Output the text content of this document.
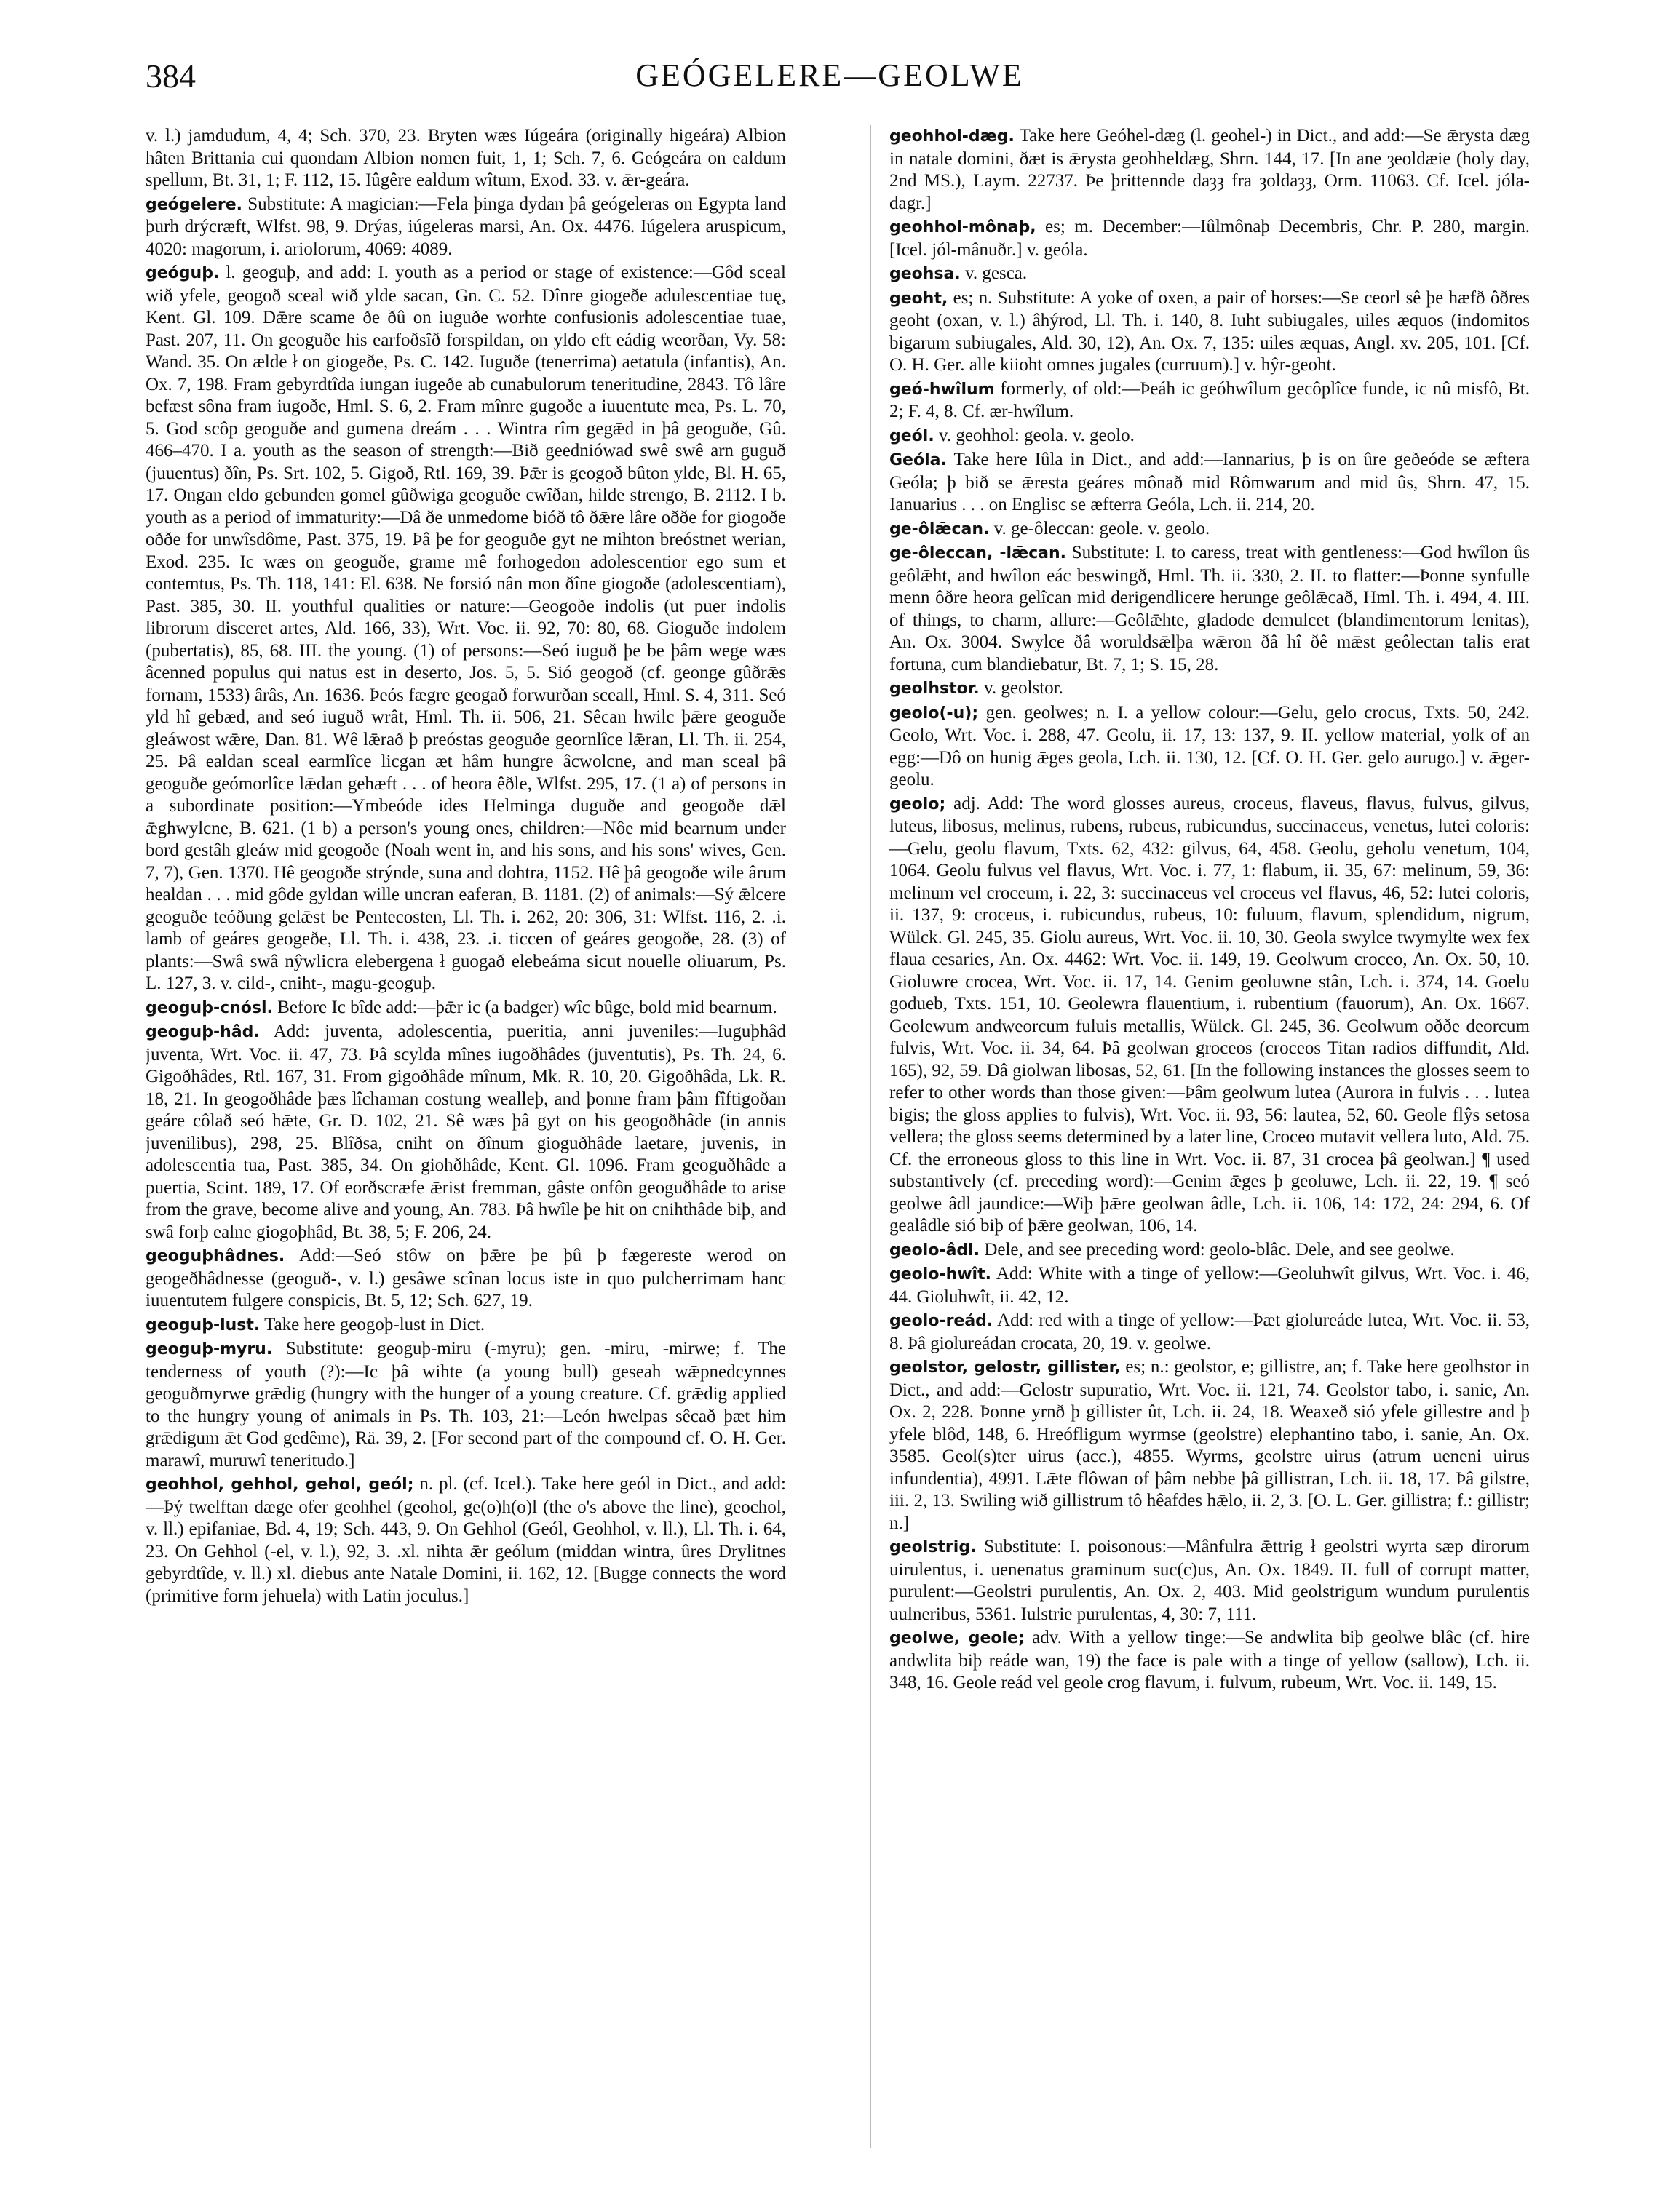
384	GEÓGELERE—GEOLWE

v. l.) jamdudum, 4, 4; Sch. 370, 23. Bryten wæs Iúgeára (originally higeára) Albion hâten Brittania cui quondam Albion nomen fuit, 1, 1; Sch. 7, 6. Geógeára on ealdum spellum, Bt. 31, 1; F. 112, 15. Iûgêre ealdum wîtum, Exod. 33. v. ǣr-geára.

geógelere. Substitute: A magician:—Fela þinga dydan þâ geógeleras on Egypta land þurh drýcræft, Wlfst. 98, 9. Drýas, iúgeleras marsi, An. Ox. 4476. Iúgelera aruspicum, 4020: magorum, i. ariolorum, 4069: 4089.

geóguþ. l. geoguþ, and add: I. youth as a period or stage of existence:—Gôd sceal wið yfele, geogoð sceal wið ylde sacan, Gn. C. 52. Ðînre giogeðe adulescentiae tuę, Kent. Gl. 109. Ðǣre scame ðe ðû on iuguðe worhte confusionis adolescentiae tuae, Past. 207, 11. On geoguðe his earfoðsîð forspildan, on yldo eft eádig weorðan, Vy. 58: Wand. 35. On ælde ł on giogeðe, Ps. C. 142. Iuguðe (tenerrima) aetatula (infantis), An. Ox. 7, 198. Fram gebyrdtîda iungan iugeðe ab cunabulorum teneritudine, 2843. Tô lâre befæst sôna fram iugoðe, Hml. S. 6, 2. Fram mînre gugoðe a iuuentute mea, Ps. L. 70, 5. God scôp geoguðe and gumena dreám . . . Wintra rîm gegǣd in þâ geoguðe, Gû. 466–470. I a. youth as the season of strength:—Bið geedniówad swê swê arn guguð (juuentus) ðîn, Ps. Srt. 102, 5. Gigoð, Rtl. 169, 39. Þǣr is geogoð bûton ylde, Bl. H. 65, 17. Ongan eldo gebunden gomel gûðwiga geoguðe cwîðan, hilde strengo, B. 2112. I b. youth as a period of immaturity:—Ðâ ðe unmedome bióð tô ðǣre lâre oððe for giogoðe oððe for unwîsdôme, Past. 375, 19. Þâ þe for geoguðe gyt ne mihton breóstnet werian, Exod. 235. Ic wæs on geoguðe, grame mê forhogedon adolescentior ego sum et contemtus, Ps. Th. 118, 141: El. 638. Ne forsió nân mon ðîne giogoðe (adolescentiam), Past. 385, 30. II. youthful qualities or nature:—Geogoðe indolis (ut puer indolis librorum disceret artes, Ald. 166, 33), Wrt. Voc. ii. 92, 70: 80, 68. Gioguðe indolem (pubertatis), 85, 68. III. the young. (1) of persons:—Seó iuguð þe be þâm wege wæs âcenned populus qui natus est in deserto, Jos. 5, 5. Sió geogoð (cf. geonge gûðrǣs fornam, 1533) ârâs, An. 1636. Þeós fægre geogað forwurðan sceall, Hml. S. 4, 311. Seó yld hî gebæd, and seó iuguð wrât, Hml. Th. ii. 506, 21. Sêcan hwilc þǣre geoguðe gleáwost wǣre, Dan. 81. Wê lǣrað þ preóstas geoguðe geornlîce lǣran, Ll. Th. ii. 254, 25. Þâ ealdan sceal earmlîce licgan æt hâm hungre âcwolcne, and man sceal þâ geoguðe geómorlîce lǣdan gehæft . . . of heora êðle, Wlfst. 295, 17. (1 a) of persons in a subordinate position:—Ymbeóde ides Helminga duguðe and geogoðe dǣl ǣghwylcne, B. 621. (1 b) a person's young ones, children:—Nôe mid bearnum under bord gestâh gleáw mid geogoðe (Noah went in, and his sons, and his sons' wives, Gen. 7, 7), Gen. 1370. Hê geogoðe strýnde, suna and dohtra, 1152. Hê þâ geogoðe wile ârum healdan . . . mid gôde gyldan wille uncran eaferan, B. 1181. (2) of animals:—Sý ǣlcere geoguðe teóðung gelǣst be Pentecosten, Ll. Th. i. 262, 20: 306, 31: Wlfst. 116, 2. .i. lamb of geáres geogeðe, Ll. Th. i. 438, 23. .i. ticcen of geáres geogoðe, 28. (3) of plants:—Swâ swâ nŷwlicra elebergena ł guogað elebeáma sicut nouelle oliuarum, Ps. L. 127, 3. v. cild-, cniht-, magu-geoguþ.

geoguþ-cnósl. Before Ic bîde add:—þǣr ic (a badger) wîc bûge, bold mid bearnum.

geoguþ-hâd. Add: juventa, adolescentia, pueritia, anni juveniles:—Iuguþhâd juventa, Wrt. Voc. ii. 47, 73. Þâ scylda mînes iugoðhâdes (juventutis), Ps. Th. 24, 6. Gigoðhâdes, Rtl. 167, 31. From gigoðhâde mînum, Mk. R. 10, 20. Gigoðhâda, Lk. R. 18, 21. In geogoðhâde þæs lîchaman costung wealleþ, and þonne fram þâm fîftigoðan geáre côlað seó hǣte, Gr. D. 102, 21. Sê wæs þâ gyt on his geogoðhâde (in annis juvenilibus), 298, 25. Blîðsa, cniht on ðînum gioguðhâde laetare, juvenis, in adolescentia tua, Past. 385, 34. On giohðhâde, Kent. Gl. 1096. Fram geoguðhâde a puertia, Scint. 189, 17. Of eorðscræfe ǣrist fremman, gâste onfôn geoguðhâde to arise from the grave, become alive and young, An. 783. Þâ hwîle þe hit on cnihthâde biþ, and swâ forþ ealne giogoþhâd, Bt. 38, 5; F. 206, 24.

geoguþhâdnes. Add:—Seó stôw on þǣre þe þû þ fægereste werod on geogeðhâdnesse (geoguð-, v. l.) gesâwe scînan locus iste in quo pulcherrimam hanc iuuentutem fulgere conspicis, Bt. 5, 12; Sch. 627, 19.

geoguþ-lust. Take here geogoþ-lust in Dict.

geoguþ-myru. Substitute: geoguþ-miru (-myru); gen. -miru, -mirwe; f. The tenderness of youth (?):—Ic þâ wihte (a young bull) geseah wǣpnedcynnes geoguðmyrwe grǣdig (hungry with the hunger of a young creature. Cf. grǣdig applied to the hungry young of animals in Ps. Th. 103, 21:—León hwelpas sêcað þæt him grǣdigum ǣt God gedême), Rä. 39, 2. [For second part of the compound cf. O. H. Ger. marawî, muruwî teneritudo.]

geohhol, gehhol, gehol, geól; n. pl. (cf. Icel.). Take here geól in Dict., and add:—Þý twelftan dæge ofer geohhel (geohol, ge(o)h(o)l (the o's above the line), geochol, v. ll.) epifaniae, Bd. 4, 19; Sch. 443, 9. On Gehhol (Geól, Geohhol, v. ll.), Ll. Th. i. 64, 23. On Gehhol (-el, v. l.), 92, 3. .xl. nihta ǣr geólum (middan wintra, ûres Drylitnes gebyrdtîde, v. ll.) xl. diebus ante Natale Domini, ii. 162, 12. [Bugge connects the word (primitive form jehuela) with Latin joculus.]

geohhol-dæg. Take here Geóhel-dæg (l. geohel-) in Dict., and add:—Se ǣrysta dæg in natale domini, ðæt is ǣrysta geohheldæg, Shrn. 144, 17. [In ane ȝeoldæie (holy day, 2nd MS.), Laym. 22737. Þe þrittennde daȝȝ fra ȝoldaȝȝ, Orm. 11063. Cf. Icel. jóla-dagr.]

geohhol-mônaþ, es; m. December:—Iûlmônaþ Decembris, Chr. P. 280, margin. [Icel. jól-mânuðr.] v. geóla.

geohsa. v. gesca.

geoht, es; n. Substitute: A yoke of oxen, a pair of horses:—Se ceorl sê þe hæfð ôðres geoht (oxan, v. l.) âhýrod, Ll. Th. i. 140, 8. Iuht subiugales, uiles æquos (indomitos bigarum subiugales, Ald. 30, 12), An. Ox. 7, 135: uiles æquas, Angl. xv. 205, 101. [Cf. O. H. Ger. alle kiioht omnes jugales (curruum).] v. hŷr-geoht.

geó-hwîlum formerly, of old:—Þeáh ic geóhwîlum gecôplîce funde, ic nû misfô, Bt. 2; F. 4, 8. Cf. ær-hwîlum.

geól. v. geohhol: geola. v. geolo.

Geóla. Take here Iûla in Dict., and add:—Iannarius, þ is on ûre geðeóde se æftera Geóla; þ bið se ǣresta geáres mônað mid Rômwarum and mid ûs, Shrn. 47, 15. Ianuarius . . . on Englisc se æfterra Geóla, Lch. ii. 214, 20.

ge-ôlǣcan. v. ge-ôleccan: geole. v. geolo.

ge-ôleccan, -lǣcan. Substitute: I. to caress, treat with gentleness:—God hwîlon ûs geôlǣht, and hwîlon eác beswingð, Hml. Th. ii. 330, 2. II. to flatter:—Þonne synfulle menn ôðre heora gelîcan mid derigendlicere herunge geôlǣcað, Hml. Th. i. 494, 4. III. of things, to charm, allure:—Geôlǣhte, gladode demulcet (blandimentorum lenitas), An. Ox. 3004. Swylce ðâ woruldsǣlþa wǣron ðâ hî ðê mǣst geôlectan talis erat fortuna, cum blandiebatur, Bt. 7, 1; S. 15, 28.

geolhstor. v. geolstor.

geolo(-u); gen. geolwes; n. I. a yellow colour:—Gelu, gelo crocus, Txts. 50, 242. Geolo, Wrt. Voc. i. 288, 47. Geolu, ii. 17, 13: 137, 9. II. yellow material, yolk of an egg:—Dô on hunig ǣges geola, Lch. ii. 130, 12. [Cf. O. H. Ger. gelo aurugo.] v. ǣger-geolu.

geolo; adj. Add: The word glosses aureus, croceus, flaveus, flavus, fulvus, gilvus, luteus, libosus, melinus, rubens, rubeus, rubicundus, succinaceus, venetus, lutei coloris:—Gelu, geolu flavum, Txts. 62, 432: gilvus, 64, 458. Geolu, geholu venetum, 104, 1064. Geolu fulvus vel flavus, Wrt. Voc. i. 77, 1: flabum, ii. 35, 67: melinum, 59, 36: melinum vel croceum, i. 22, 3: succinaceus vel croceus vel flavus, 46, 52: lutei coloris, ii. 137, 9: croceus, i. rubicundus, rubeus, 10: fuluum, flavum, splendidum, nigrum, Wülck. Gl. 245, 35. Giolu aureus, Wrt. Voc. ii. 10, 30. Geola swylce twymylte wex fex flaua cesaries, An. Ox. 4462: Wrt. Voc. ii. 149, 19. Geolwum croceo, An. Ox. 50, 10. Gioluwre crocea, Wrt. Voc. ii. 17, 14. Genim geoluwne stân, Lch. i. 374, 14. Goelu godueb, Txts. 151, 10. Geolewra flauentium, i. rubentium (fauorum), An. Ox. 1667. Geolewum andweorcum fuluis metallis, Wülck. Gl. 245, 36. Geolwum oððe deorcum fulvis, Wrt. Voc. ii. 34, 64. Þâ geolwan groceos (croceos Titan radios diffundit, Ald. 165), 92, 59. Ðâ giolwan libosas, 52, 61. [In the following instances the glosses seem to refer to other words than those given:—Þâm geolwum lutea (Aurora in fulvis . . . lutea bigis; the gloss applies to fulvis), Wrt. Voc. ii. 93, 56: lautea, 52, 60. Geole flŷs setosa vellera; the gloss seems determined by a later line, Croceo mutavit vellera luto, Ald. 75. Cf. the erroneous gloss to this line in Wrt. Voc. ii. 87, 31 crocea þâ geolwan.] ¶ used substantively (cf. preceding word):—Genim ǣges þ geoluwe, Lch. ii. 22, 19. ¶ seó geolwe âdl jaundice:—Wiþ þǣre geolwan âdle, Lch. ii. 106, 14: 172, 24: 294, 6. Of gealâdle sió biþ of þǣre geolwan, 106, 14.

geolo-âdl. Dele, and see preceding word: geolo-blâc. Dele, and see geolwe.

geolo-hwît. Add: White with a tinge of yellow:—Geoluhwît gilvus, Wrt. Voc. i. 46, 44. Gioluhwît, ii. 42, 12.

geolo-reád. Add: red with a tinge of yellow:—Þæt giolureáde lutea, Wrt. Voc. ii. 53, 8. Þâ giolureádan crocata, 20, 19. v. geolwe.

geolstor, gelostr, gillister, es; n.: geolstor, e; gillistre, an; f. Take here geolhstor in Dict., and add:—Gelostr supuratio, Wrt. Voc. ii. 121, 74. Geolstor tabo, i. sanie, An. Ox. 2, 228. Þonne yrnð þ gillister ût, Lch. ii. 24, 18. Weaxeð sió yfele gillestre and þ yfele blôd, 148, 6. Hreófligum wyrmse (geolstre) elephantino tabo, i. sanie, An. Ox. 3585. Geol(s)ter uirus (acc.), 4855. Wyrms, geolstre uirus (atrum ueneni uirus infundentia), 4991. Lǣte flôwan of þâm nebbe þâ gillistran, Lch. ii. 18, 17. Þâ gilstre, iii. 2, 13. Swiling wið gillistrum tô hêafdes hǣlo, ii. 2, 3. [O. L. Ger. gillistra; f.: gillistr; n.]

geolstrig. Substitute: I. poisonous:—Mânfulra ǣttrig ł geolstri wyrta sæp dirorum uirulentus, i. uenenatus graminum suc(c)us, An. Ox. 1849. II. full of corrupt matter, purulent:—Geolstri purulentis, An. Ox. 2, 403. Mid geolstrigum wundum purulentis uulneribus, 5361. Iulstrie purulentas, 4, 30: 7, 111.

geolwe, geole; adv. With a yellow tinge:—Se andwlita biþ geolwe blâc (cf. hire andwlita biþ reáde wan, 19) the face is pale with a tinge of yellow (sallow), Lch. ii. 348, 16. Geole reád vel geole crog flavum, i. fulvum, rubeum, Wrt. Voc. ii. 149, 15.
